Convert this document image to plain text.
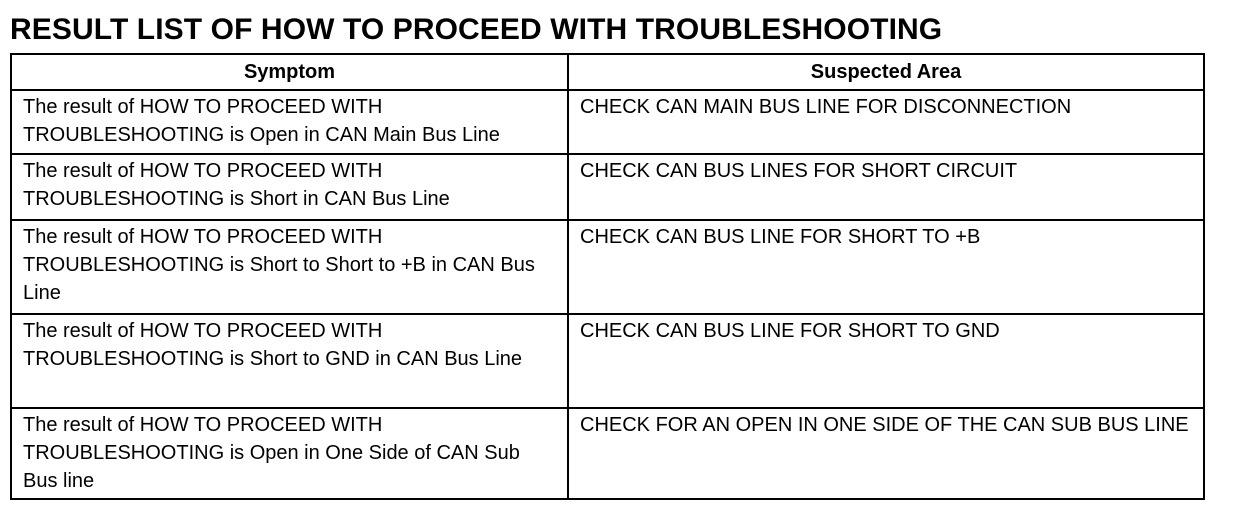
RESULT LIST OF HOW TO PROCEED WITH TROUBLESHOOTING
Symptom	Suspected Area
The result of HOW TO PROCEED WITH TROUBLESHOOTING is Open in CAN Main Bus Line	CHECK CAN MAIN BUS LINE FOR DISCONNECTION
The result of HOW TO PROCEED WITH TROUBLESHOOTING is Short in CAN Bus Line	CHECK CAN BUS LINES FOR SHORT CIRCUIT
The result of HOW TO PROCEED WITH TROUBLESHOOTING is Short to Short to +B in CAN Bus Line	CHECK CAN BUS LINE FOR SHORT TO +B
The result of HOW TO PROCEED WITH TROUBLESHOOTING is Short to GND in CAN Bus Line	CHECK CAN BUS LINE FOR SHORT TO GND
The result of HOW TO PROCEED WITH TROUBLESHOOTING is Open in One Side of CAN Sub Bus line	CHECK FOR AN OPEN IN ONE SIDE OF THE CAN SUB BUS LINE
